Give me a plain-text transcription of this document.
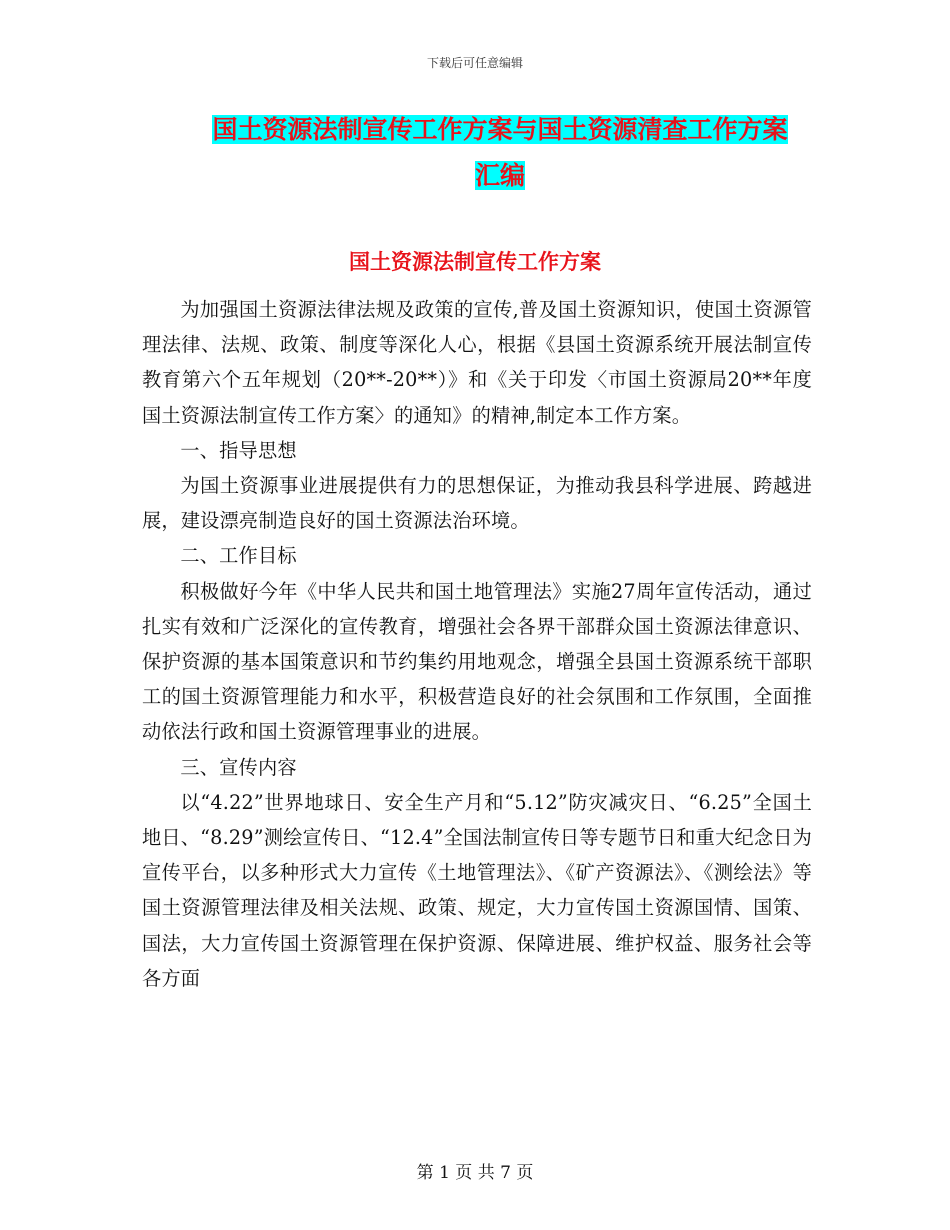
下载后可任意编辑
国土资源法制宣传工作方案与国土资源清查工作方案
汇编
国土资源法制宣传工作方案

为加强国土资源法律法规及政策的宣传,普及国土资源知识，使国土资源管理法律、法规、政策、制度等深化人心，根据《县国土资源系统开展法制宣传教育第六个五年规划（20**-20**）》和《关于印发〈市国土资源局20**年度国土资源法制宣传工作方案〉的通知》的精神,制定本工作方案。

一、指导思想

为国土资源事业进展提供有力的思想保证，为推动我县科学进展、跨越进展，建设漂亮制造良好的国土资源法治环境。

二、工作目标

积极做好今年《中华人民共和国土地管理法》实施27周年宣传活动，通过扎实有效和广泛深化的宣传教育，增强社会各界干部群众国土资源法律意识、保护资源的基本国策意识和节约集约用地观念，增强全县国土资源系统干部职工的国土资源管理能力和水平，积极营造良好的社会氛围和工作氛围，全面推动依法行政和国土资源管理事业的进展。

三、宣传内容

以“4.22”世界地球日、安全生产月和“5.12”防灾减灾日、“6.25”全国土地日、“8.29”测绘宣传日、“12.4”全国法制宣传日等专题节日和重大纪念日为宣传平台，以多种形式大力宣传《土地管理法》、《矿产资源法》、《测绘法》等国土资源管理法律及相关法规、政策、规定，大力宣传国土资源国情、国策、国法，大力宣传国土资源管理在保护资源、保障进展、维护权益、服务社会等各方面

第 1 页 共 7 页
